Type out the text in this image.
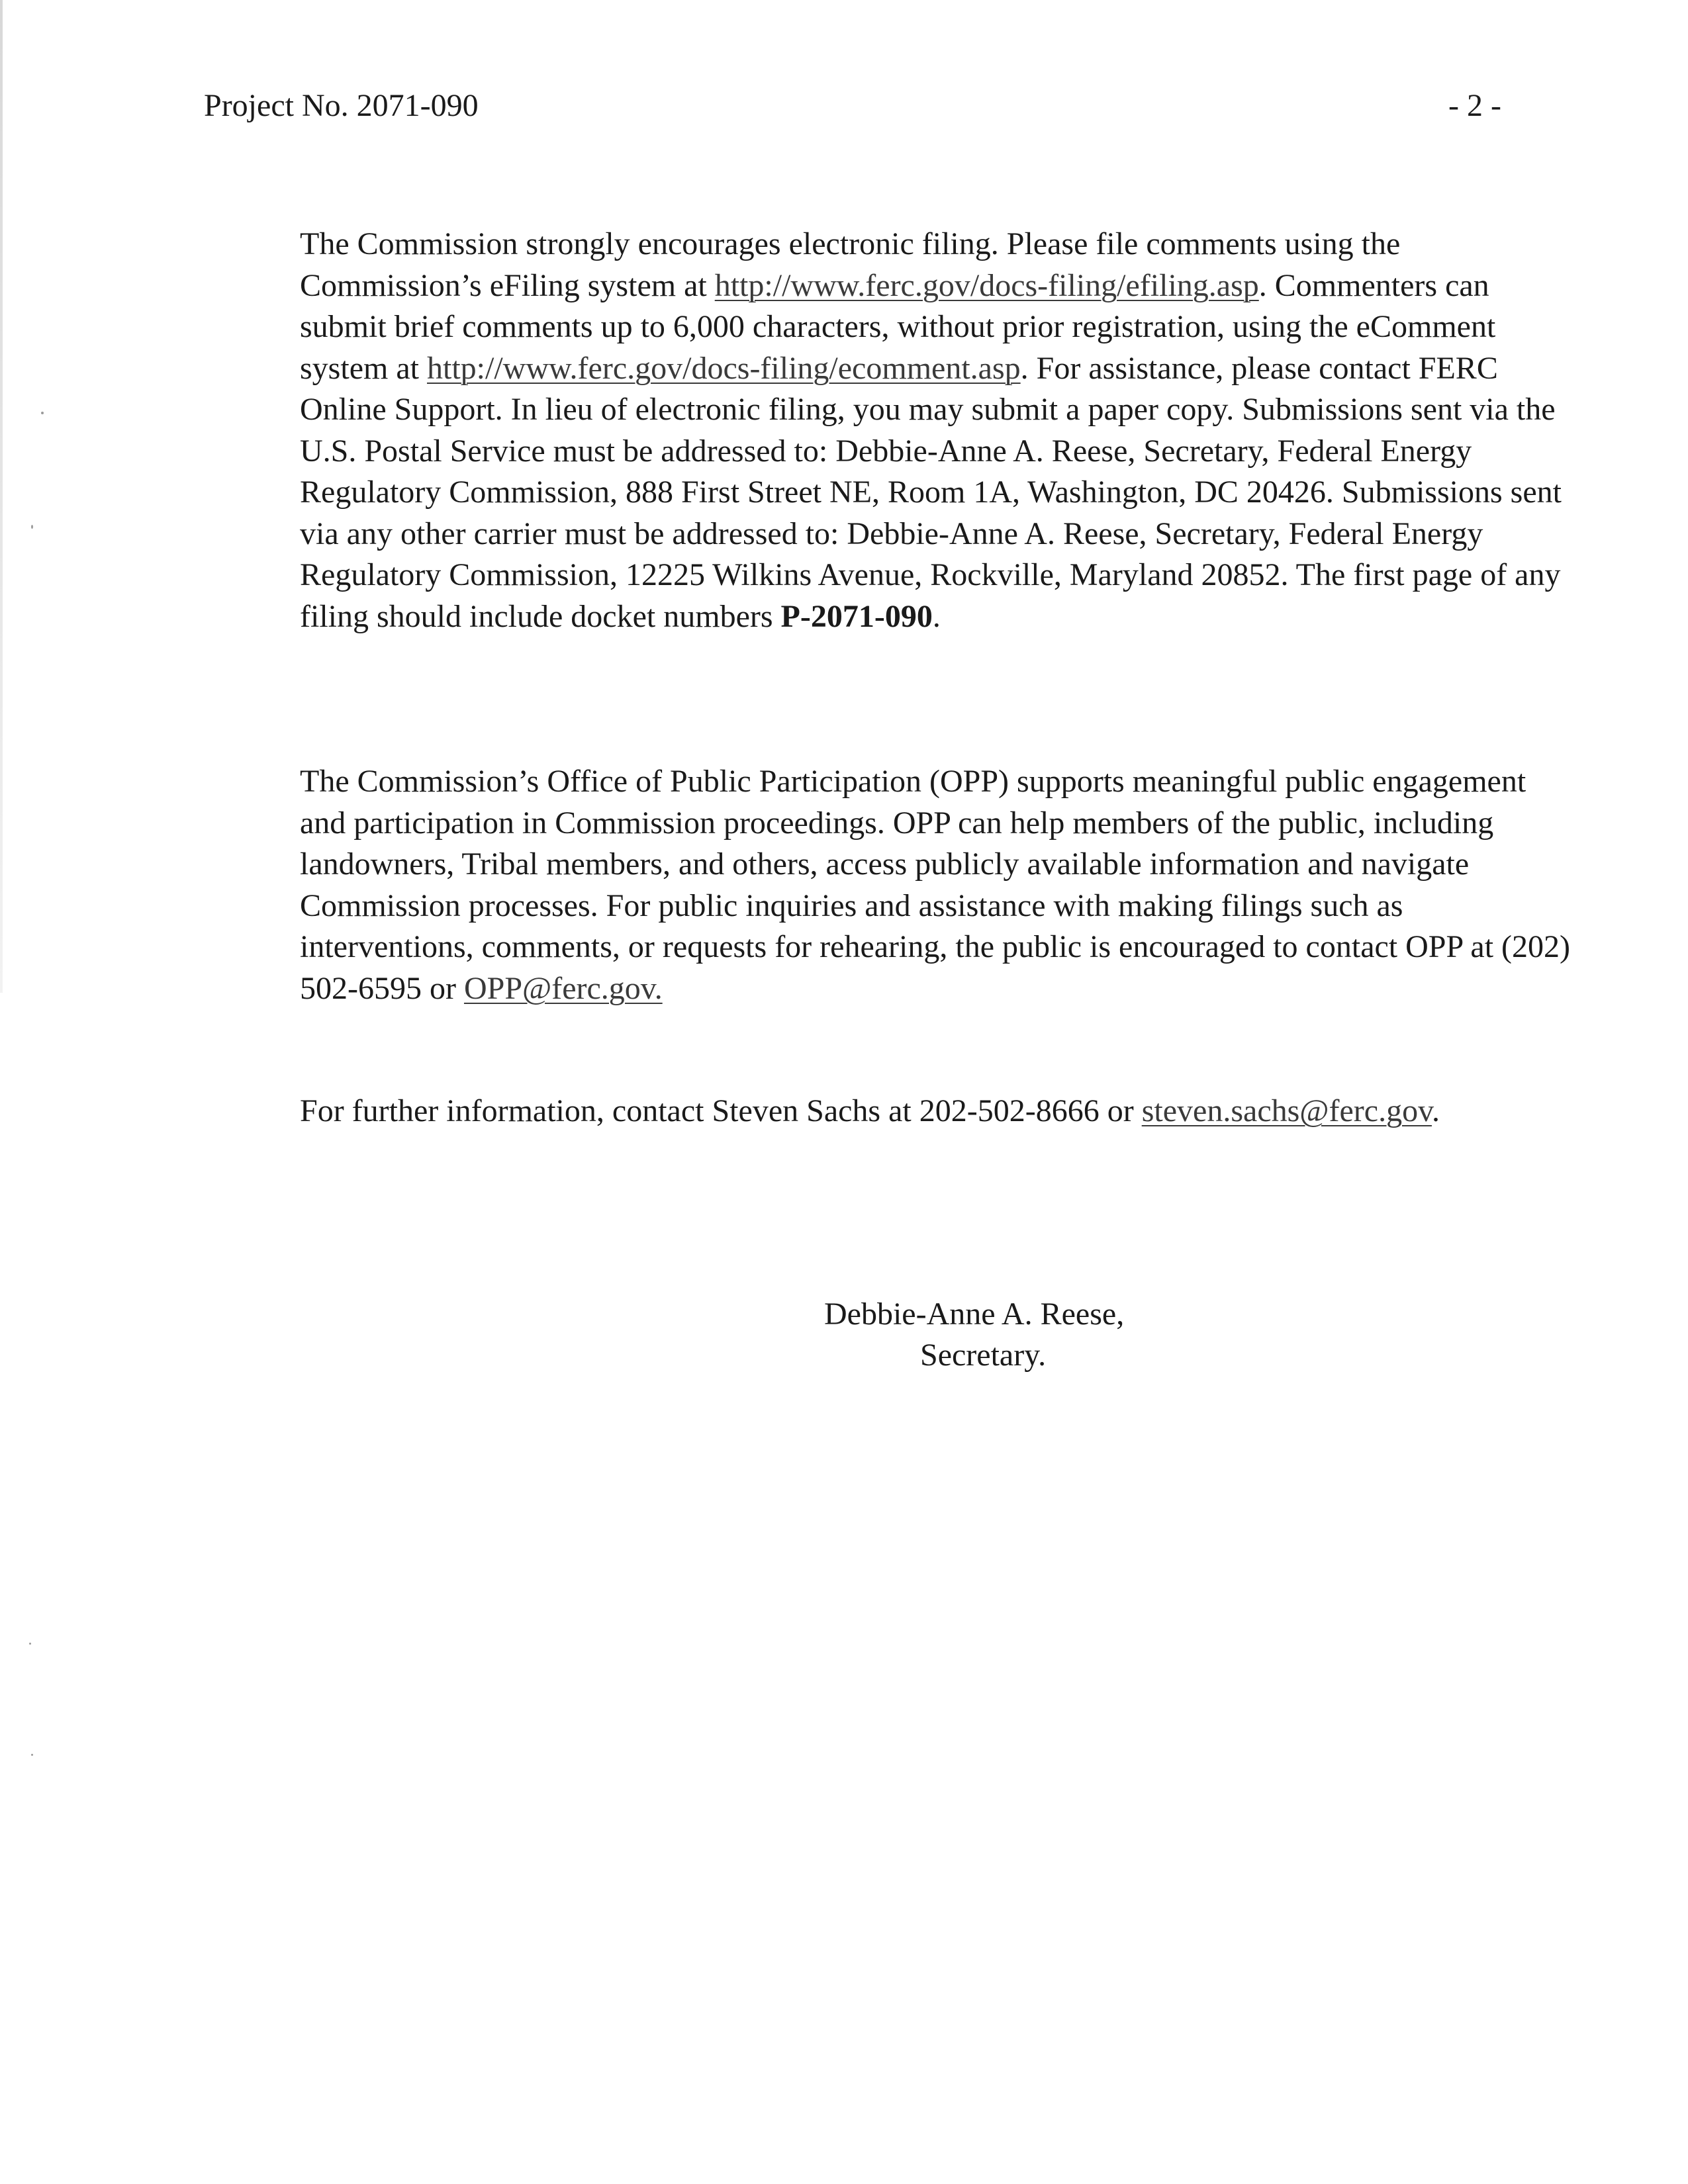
Project No. 2071-090	- 2 -

The Commission strongly encourages electronic filing. Please file comments using the Commission’s eFiling system at http://www.ferc.gov/docs-filing/efiling.asp. Commenters can submit brief comments up to 6,000 characters, without prior registration, using the eComment system at http://www.ferc.gov/docs-filing/ecomment.asp. For assistance, please contact FERC Online Support. In lieu of electronic filing, you may submit a paper copy. Submissions sent via the U.S. Postal Service must be addressed to: Debbie-Anne A. Reese, Secretary, Federal Energy Regulatory Commission, 888 First Street NE, Room 1A, Washington, DC 20426. Submissions sent via any other carrier must be addressed to: Debbie-Anne A. Reese, Secretary, Federal Energy Regulatory Commission, 12225 Wilkins Avenue, Rockville, Maryland 20852. The first page of any filing should include docket numbers P-2071-090.

The Commission’s Office of Public Participation (OPP) supports meaningful public engagement and participation in Commission proceedings. OPP can help members of the public, including landowners, Tribal members, and others, access publicly available information and navigate Commission processes. For public inquiries and assistance with making filings such as interventions, comments, or requests for rehearing, the public is encouraged to contact OPP at (202) 502-6595 or OPP@ferc.gov.

For further information, contact Steven Sachs at 202-502-8666 or steven.sachs@ferc.gov.

Debbie-Anne A. Reese,
Secretary.
